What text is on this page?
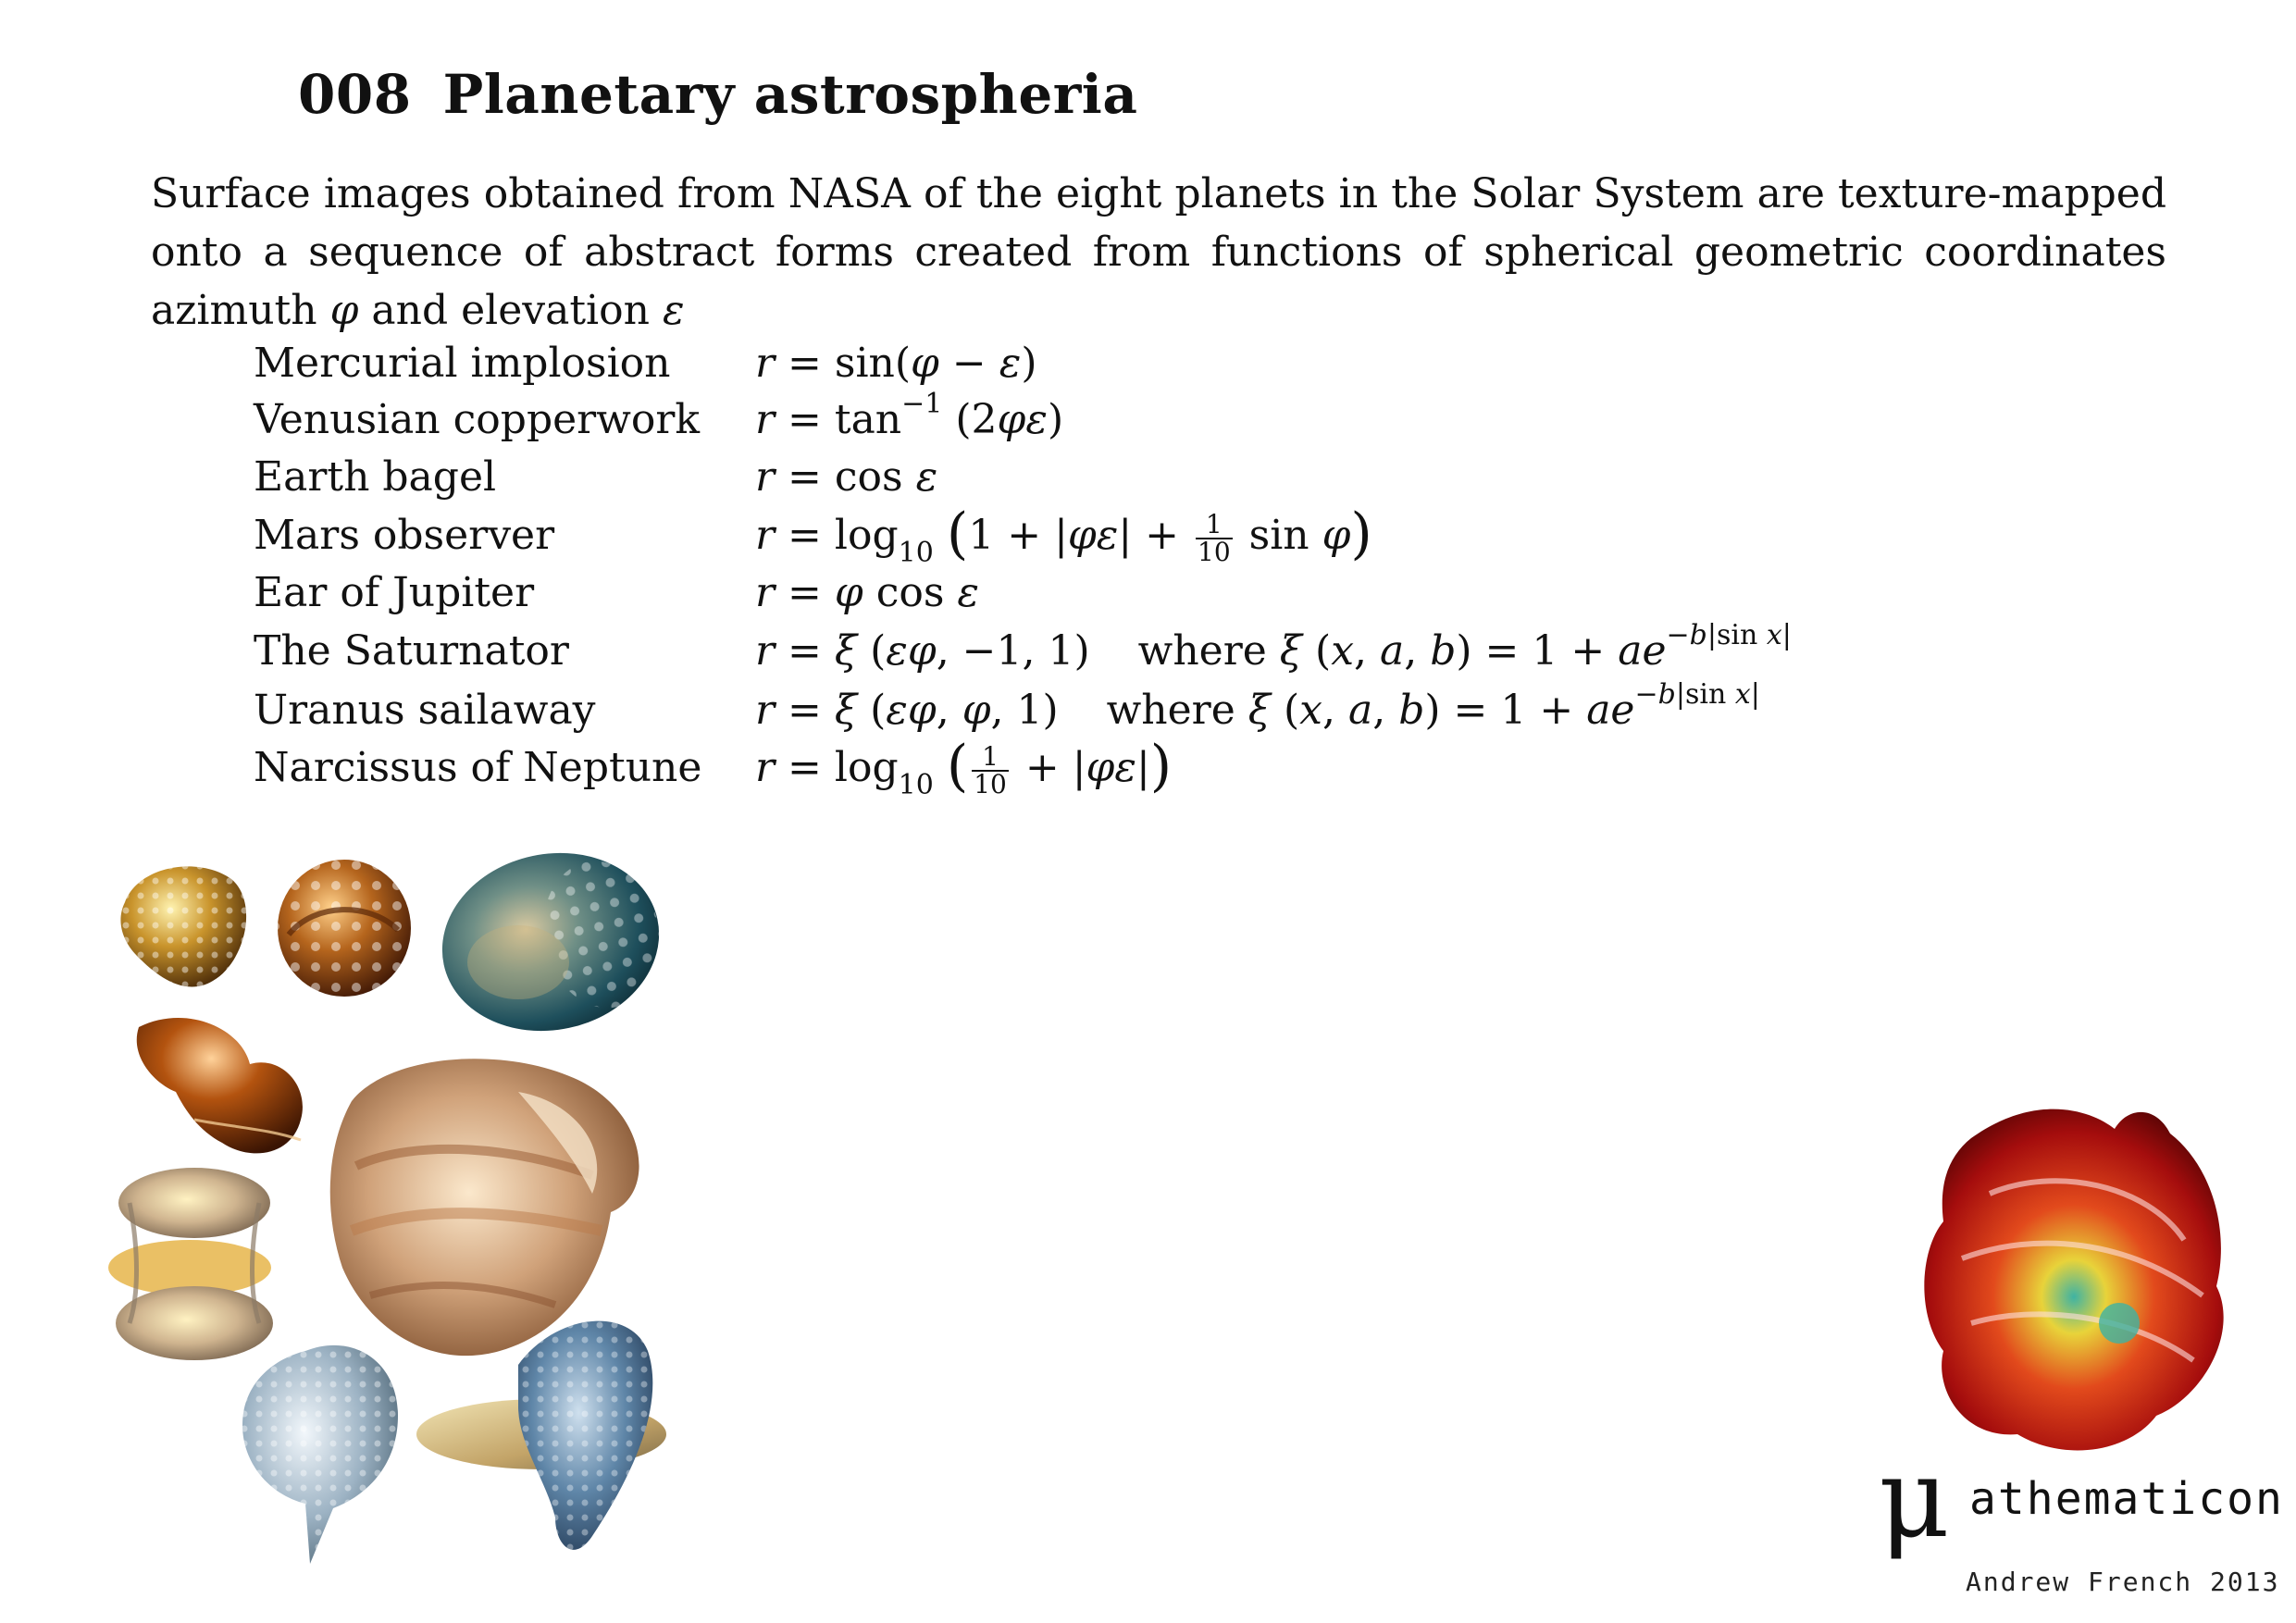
008 Planetary astrospheria
Surface images obtained from NASA of the eight planets in the Solar System are texture-mapped
onto a sequence of abstract forms created from functions of spherical geometric coordinates
azimuth φ and elevation ε
Mercurial implosion r = sin(φ − ε)
Venusian copperwork $r = \tan^{-1} (2\varphi\varepsilon)$
Earth bagel	r = cos ε
Mars observer	$r = \log_{10} (1 + |\varphi\varepsilon| + \frac{1}{10}$ sin φ)
Ear of Jupiter	r = φ cos ε
The Saturnator	r = ξ (εφ, −1, 1) where ξ (x, a, $b) = 1 + ae^{-b|sin x|}$
Uranus sailaway	r = ξ (εφ, φ, 1) where ξ (x, a, $b) = 1 + ae^{-b|sin x|}$
Narcissus of Neptune $r = \log_{10}$ ( $\frac{1}{10} + |\varphi\varepsilon|$)
μ athematicon
Andrew French 2013
